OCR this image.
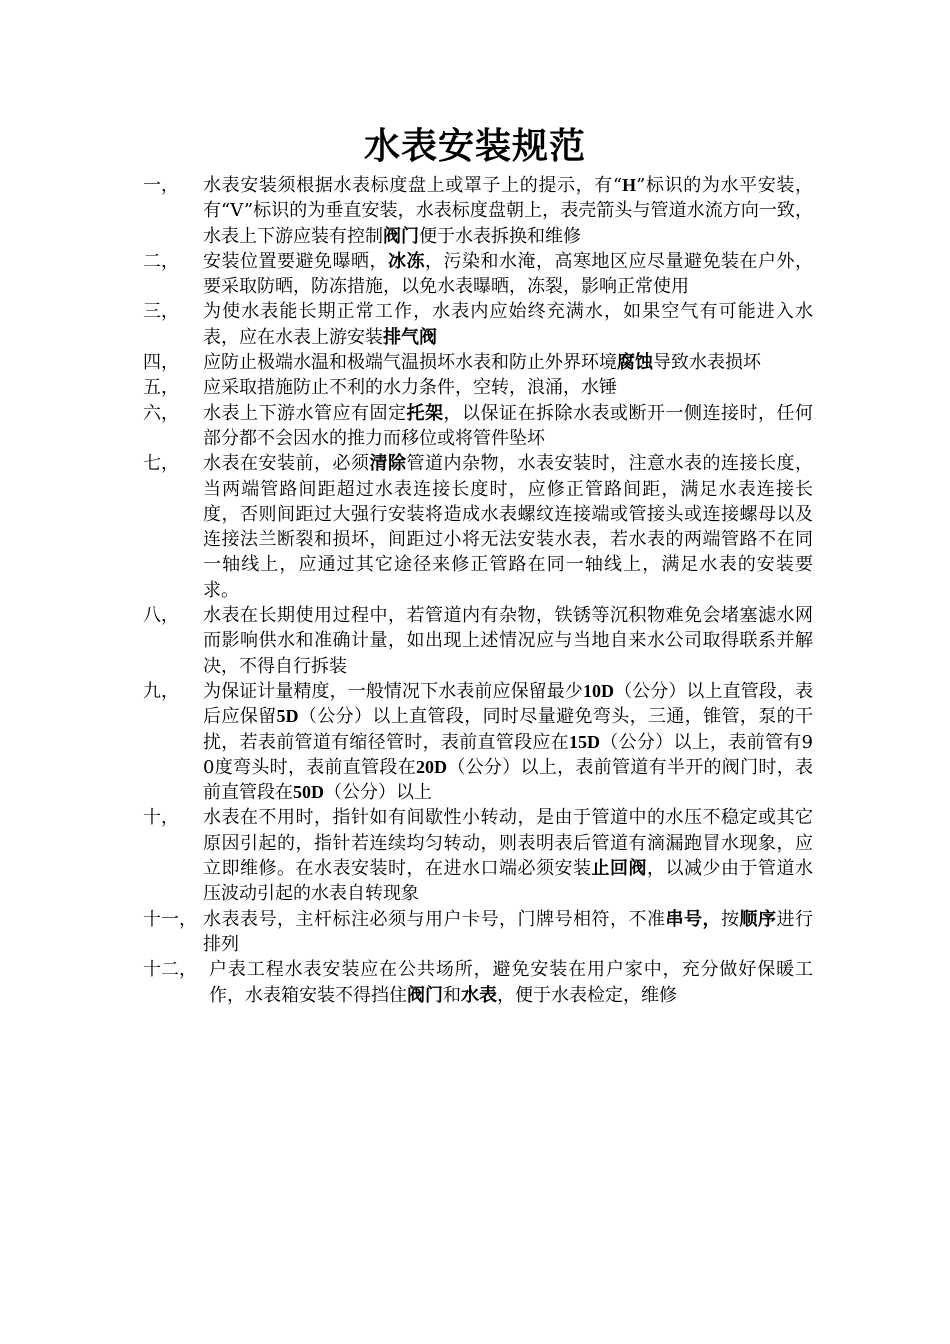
水表安装规范
一，	水表安装须根据水表标度盘上或罩子上的提示，有“H”标识的为水平安装，有“V”标识的为垂直安装，水表标度盘朝上，表壳箭头与管道水流方向一致，水表上下游应装有控制阀门便于水表拆换和维修
二，	安装位置要避免曝晒，冰冻，污染和水淹，高寒地区应尽量避免装在户外，要采取防晒，防冻措施，以免水表曝晒，冻裂，影响正常使用
三，	为使水表能长期正常工作，水表内应始终充满水，如果空气有可能进入水表，应在水表上游安装排气阀
四，	应防止极端水温和极端气温损坏水表和防止外界环境腐蚀导致水表损坏
五，	应采取措施防止不利的水力条件，空转，浪涌，水锤
六，	水表上下游水管应有固定托架，以保证在拆除水表或断开一侧连接时，任何部分都不会因水的推力而移位或将管件坠坏
七，	水表在安装前，必须清除管道内杂物，水表安装时，注意水表的连接长度，当两端管路间距超过水表连接长度时，应修正管路间距，满足水表连接长度，否则间距过大强行安装将造成水表螺纹连接端或管接头或连接螺母以及连接法兰断裂和损坏，间距过小将无法安装水表，若水表的两端管路不在同一轴线上，应通过其它途径来修正管路在同一轴线上，满足水表的安装要求。
八，	水表在长期使用过程中，若管道内有杂物，铁锈等沉积物难免会堵塞滤水网而影响供水和准确计量，如出现上述情况应与当地自来水公司取得联系并解决，不得自行拆装
九，	为保证计量精度，一般情况下水表前应保留最少10D（公分）以上直管段，表后应保留5D（公分）以上直管段，同时尽量避免弯头，三通，锥管，泵的干扰，若表前管道有缩径管时，表前直管段应在15D（公分）以上，表前管有90度弯头时，表前直管段在20D（公分）以上，表前管道有半开的阀门时，表前直管段在50D（公分）以上
十，	水表在不用时，指针如有间歇性小转动，是由于管道中的水压不稳定或其它原因引起的，指针若连续均匀转动，则表明表后管道有滴漏跑冒水现象，应立即维修。在水表安装时，在进水口端必须安装止回阀，以减少由于管道水压波动引起的水表自转现象
十一， 水表表号，主杆标注必须与用户卡号，门牌号相符，不准串号，按顺序进行排列
十二， 户表工程水表安装应在公共场所，避免安装在用户家中，充分做好保暖工作，水表箱安装不得挡住阀门和水表，便于水表检定，维修
